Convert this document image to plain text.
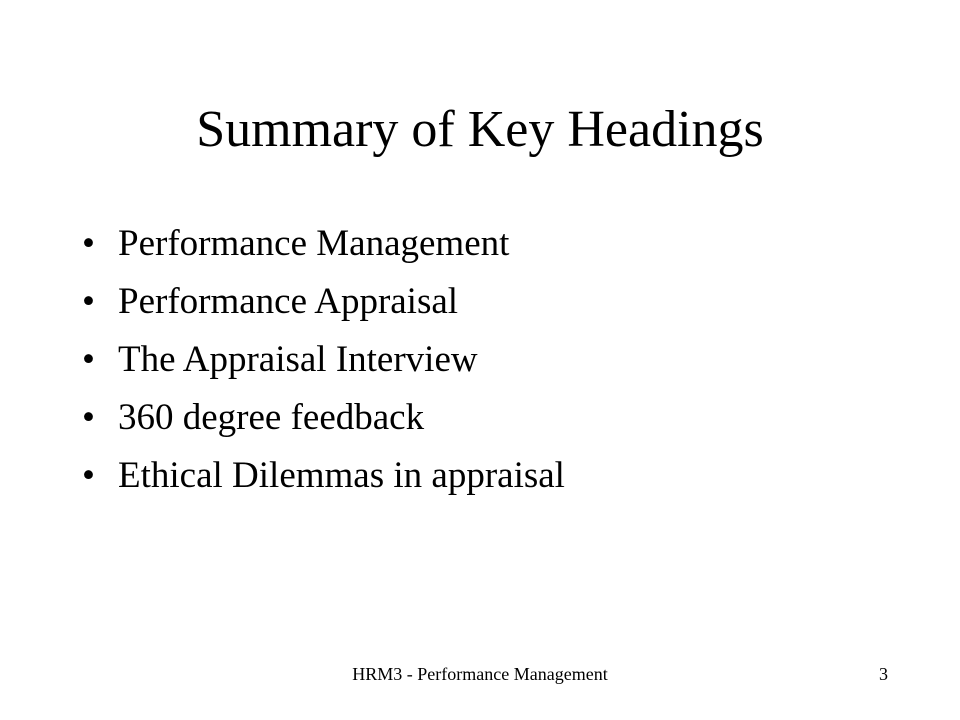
Summary of Key Headings
• Performance Management
• Performance Appraisal
• The Appraisal Interview
• 360 degree feedback
• Ethical Dilemmas in appraisal
HRM3 - Performance Management	3
